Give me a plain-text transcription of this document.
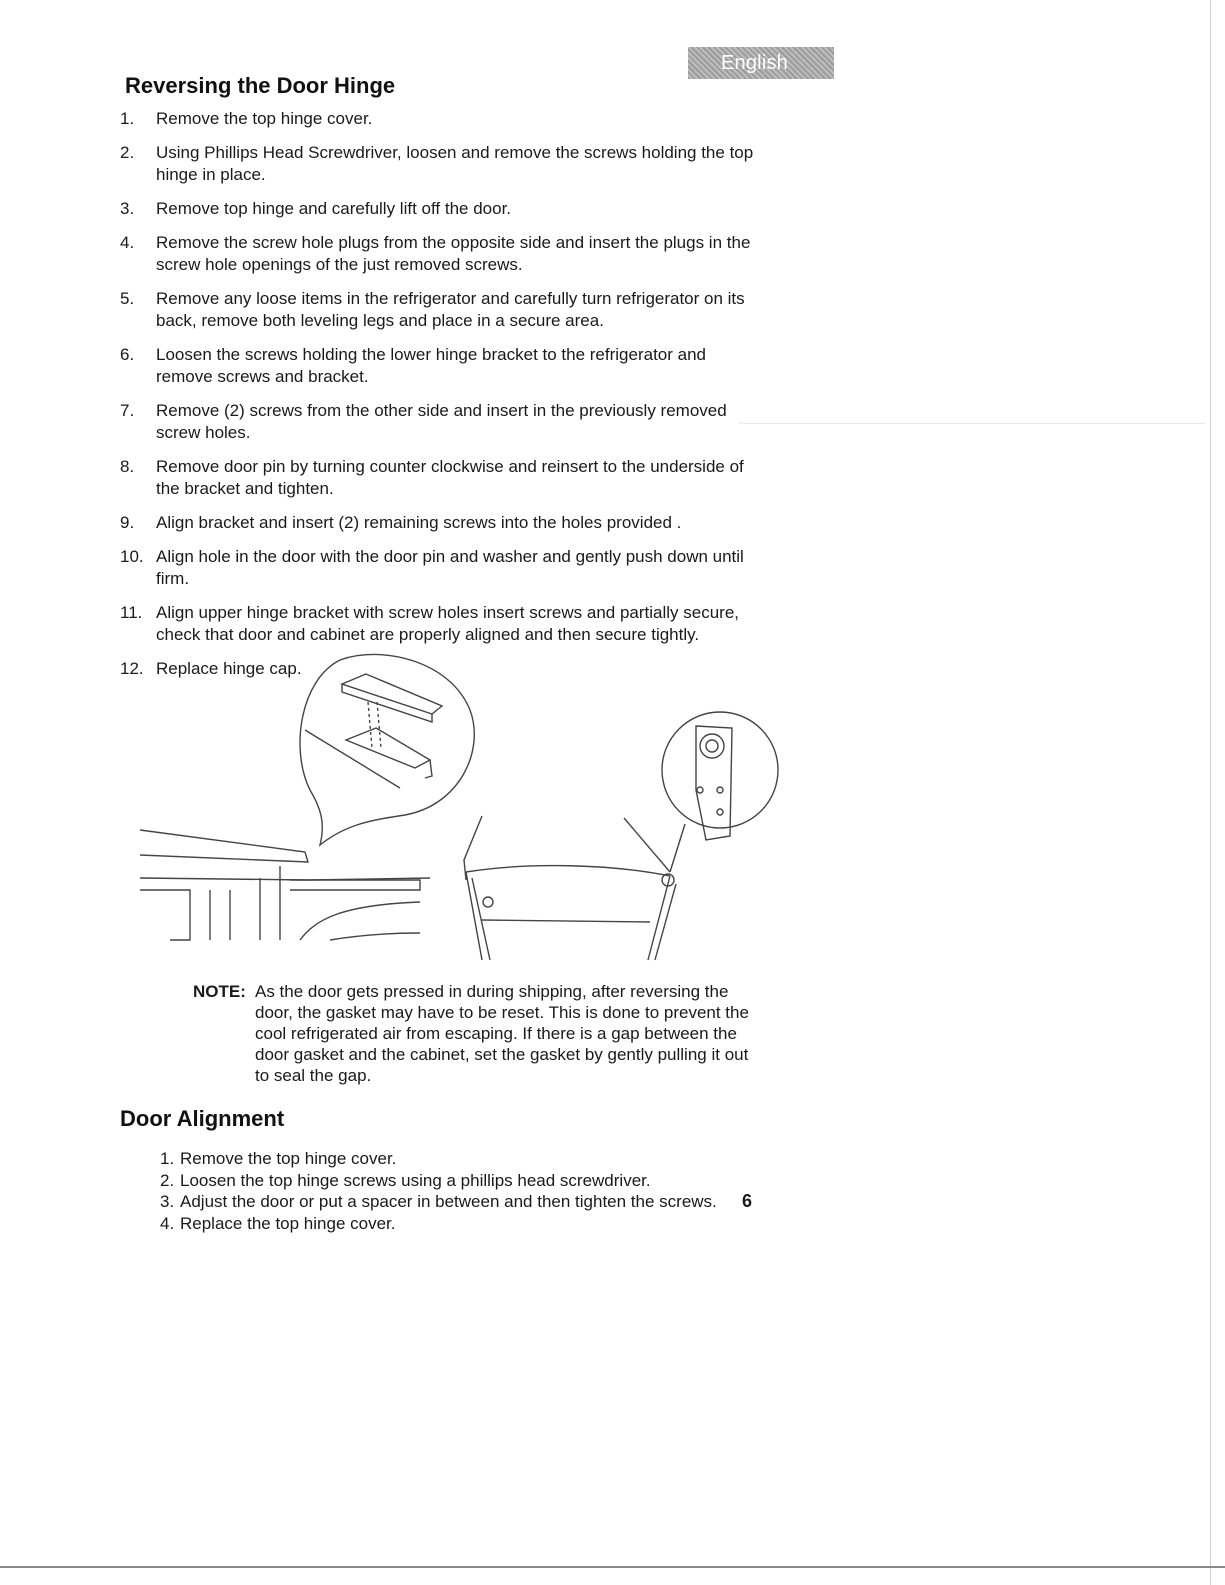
English
Reversing the Door Hinge
1.	Remove the top hinge cover.
2.	Using Phillips Head Screwdriver, loosen and remove the screws holding the top hinge in place.
3.	Remove top hinge and carefully lift off the door.
4.	Remove the screw hole plugs from the opposite side and insert the plugs in the screw hole openings of the just removed screws.
5.	Remove any loose items in the refrigerator and carefully turn refrigerator on its back, remove both leveling legs and place in a secure area.
6.	Loosen the screws holding the lower hinge bracket to the refrigerator and remove screws and bracket.
7.	Remove (2) screws from the other side and insert in the previously removed screw holes.
8.	Remove door pin by turning counter clockwise and reinsert to the underside of the bracket and tighten.
9.	Align bracket and insert (2) remaining screws into the holes provided .
10. Align hole in the door with the door pin and washer and gently push down until firm.
11. Align upper hinge bracket with screw holes insert screws and partially secure, check that door and cabinet are properly aligned and then secure tightly.
12. Replace hinge cap.
NOTE: As the door gets pressed in during shipping, after reversing the door, the gasket may have to be reset. This is done to prevent the cool refrigerated air from escaping. If there is a gap between the door gasket and the cabinet, set the gasket by gently pulling it out to seal the gap.
Door Alignment
1. Remove the top hinge cover.
2. Loosen the top hinge screws using a phillips head screwdriver.
3. Adjust the door or put a spacer in between and then tighten the screws.
4. Replace the top hinge cover.
6
